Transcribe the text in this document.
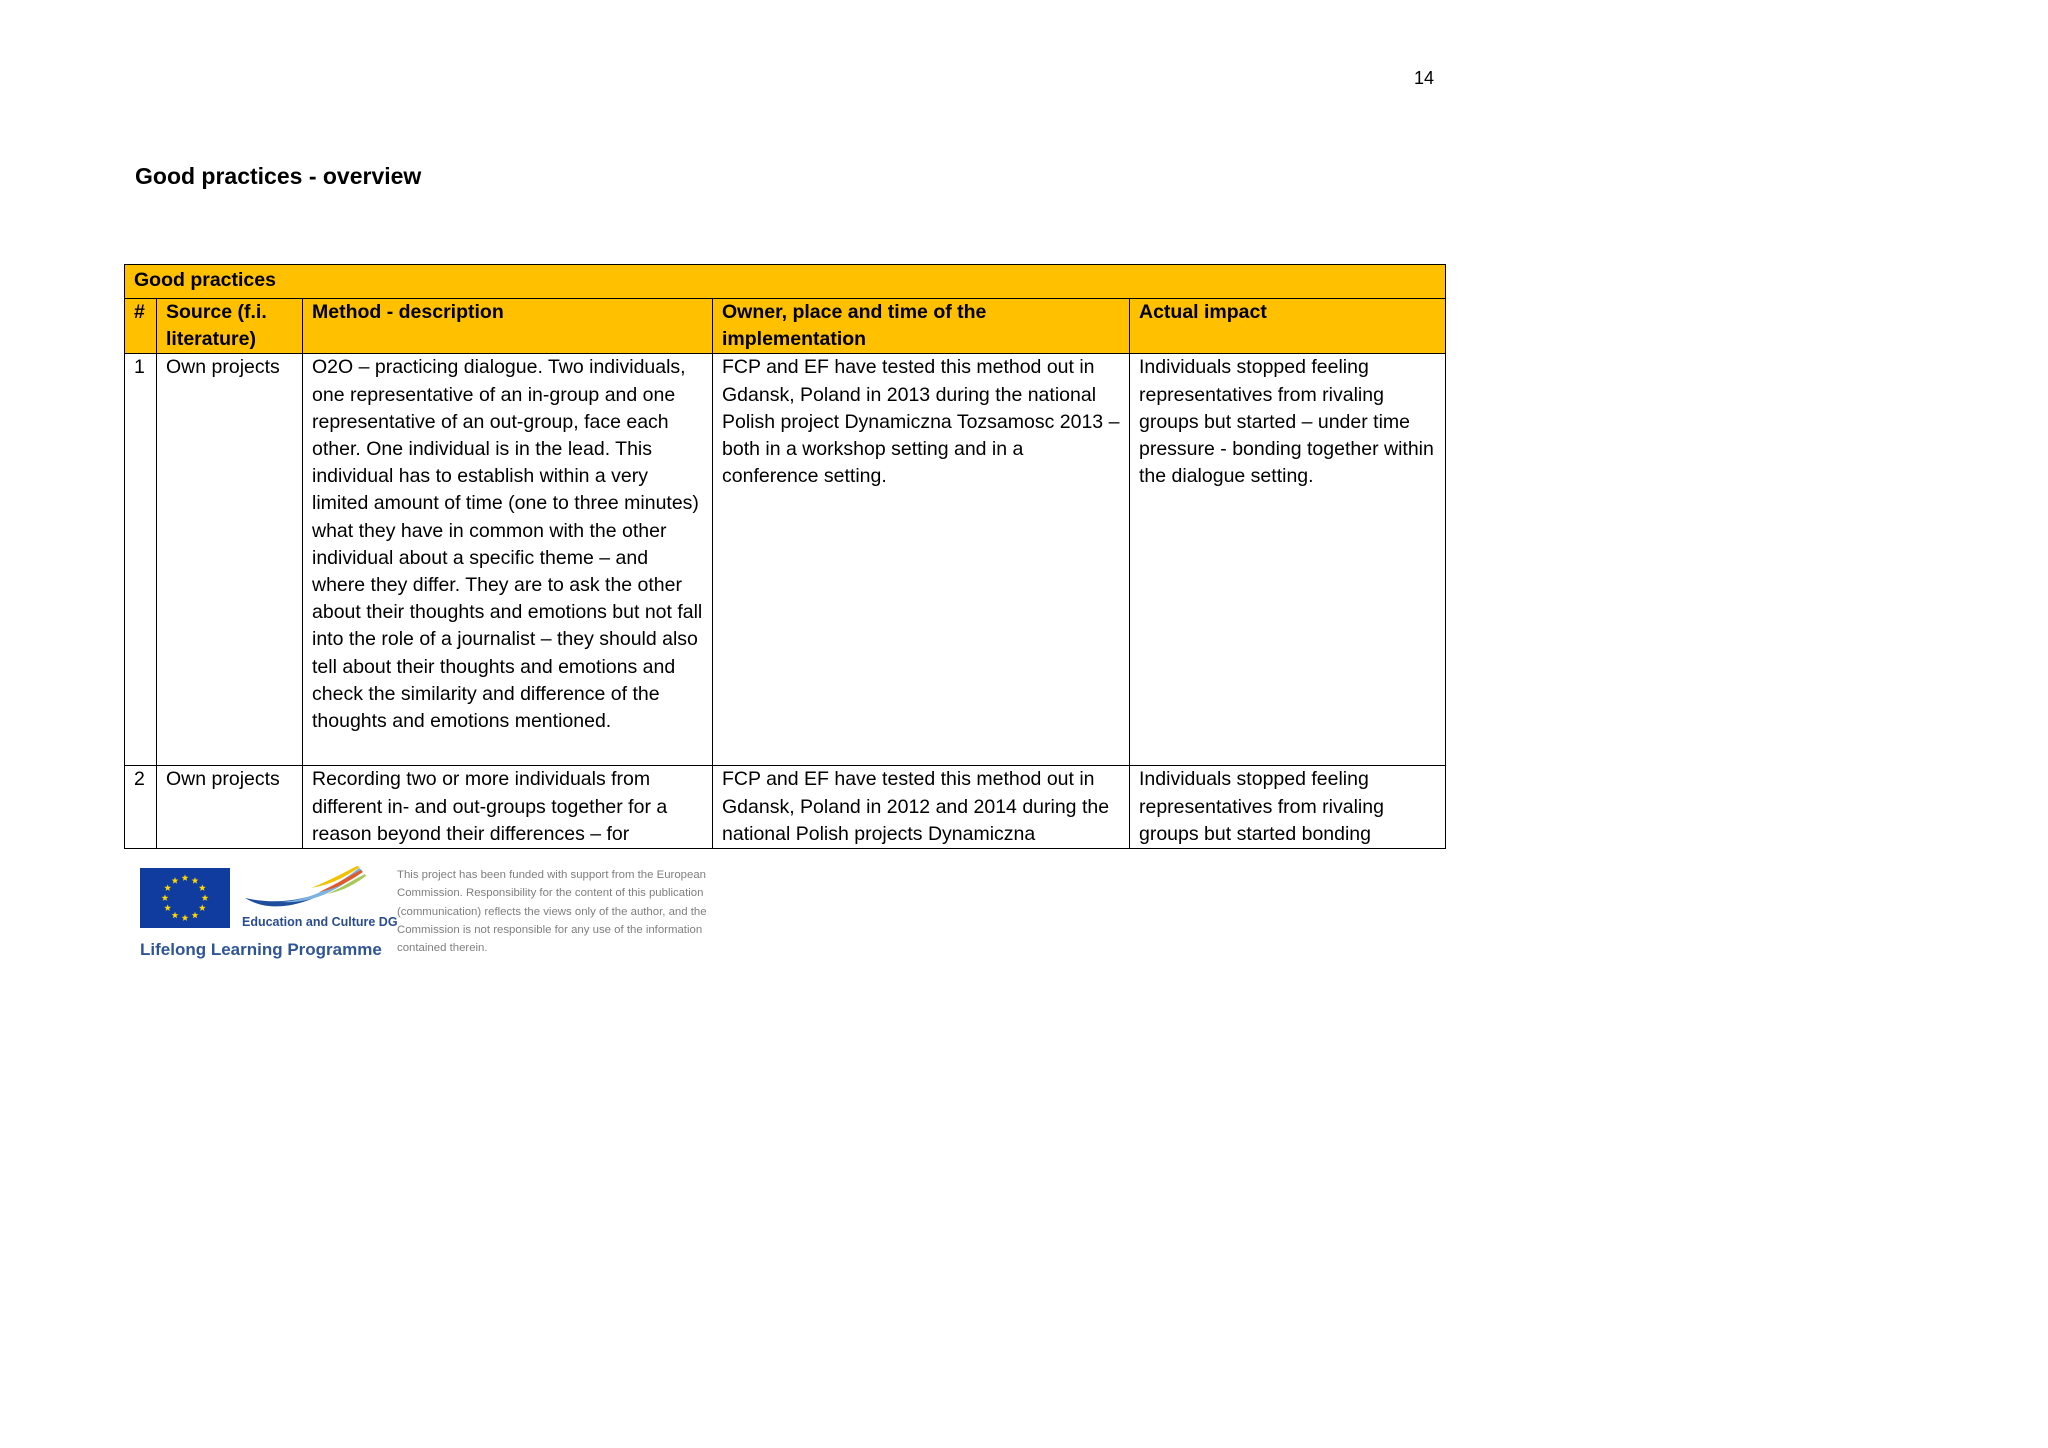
14
Good practices - overview
Good practices				
#	Source (f.i. literature)	Method - description	Owner, place and time of the implementation	Actual impact
1	Own projects	O2O – practicing dialogue. Two individuals, one representative of an in-group and one representative of an out-group, face each other. One individual is in the lead. This individual has to establish within a very limited amount of time (one to three minutes) what they have in common with the other individual about a specific theme – and where they differ. They are to ask the other about their thoughts and emotions but not fall into the role of a journalist – they should also tell about their thoughts and emotions and check the similarity and difference of the thoughts and emotions mentioned.	FCP and EF have tested this method out in Gdansk, Poland in 2013 during the national Polish project Dynamiczna Tozsamosc 2013 – both in a workshop setting and in a conference setting.	Individuals stopped feeling representatives from rivaling groups but started – under time pressure - bonding together within the dialogue setting.
2	Own projects	Recording two or more individuals from different in- and out-groups together for a reason beyond their differences – for	FCP and EF have tested this method out in Gdansk, Poland in 2012 and 2014 during the national Polish projects Dynamiczna	Individuals stopped feeling representatives from rivaling groups but started bonding
Education and Culture DG
Lifelong Learning Programme
This project has been funded with support from the European Commission. Responsibility for the content of this publication (communication) reflects the views only of the author, and the Commission is not responsible for any use of the information contained therein.
